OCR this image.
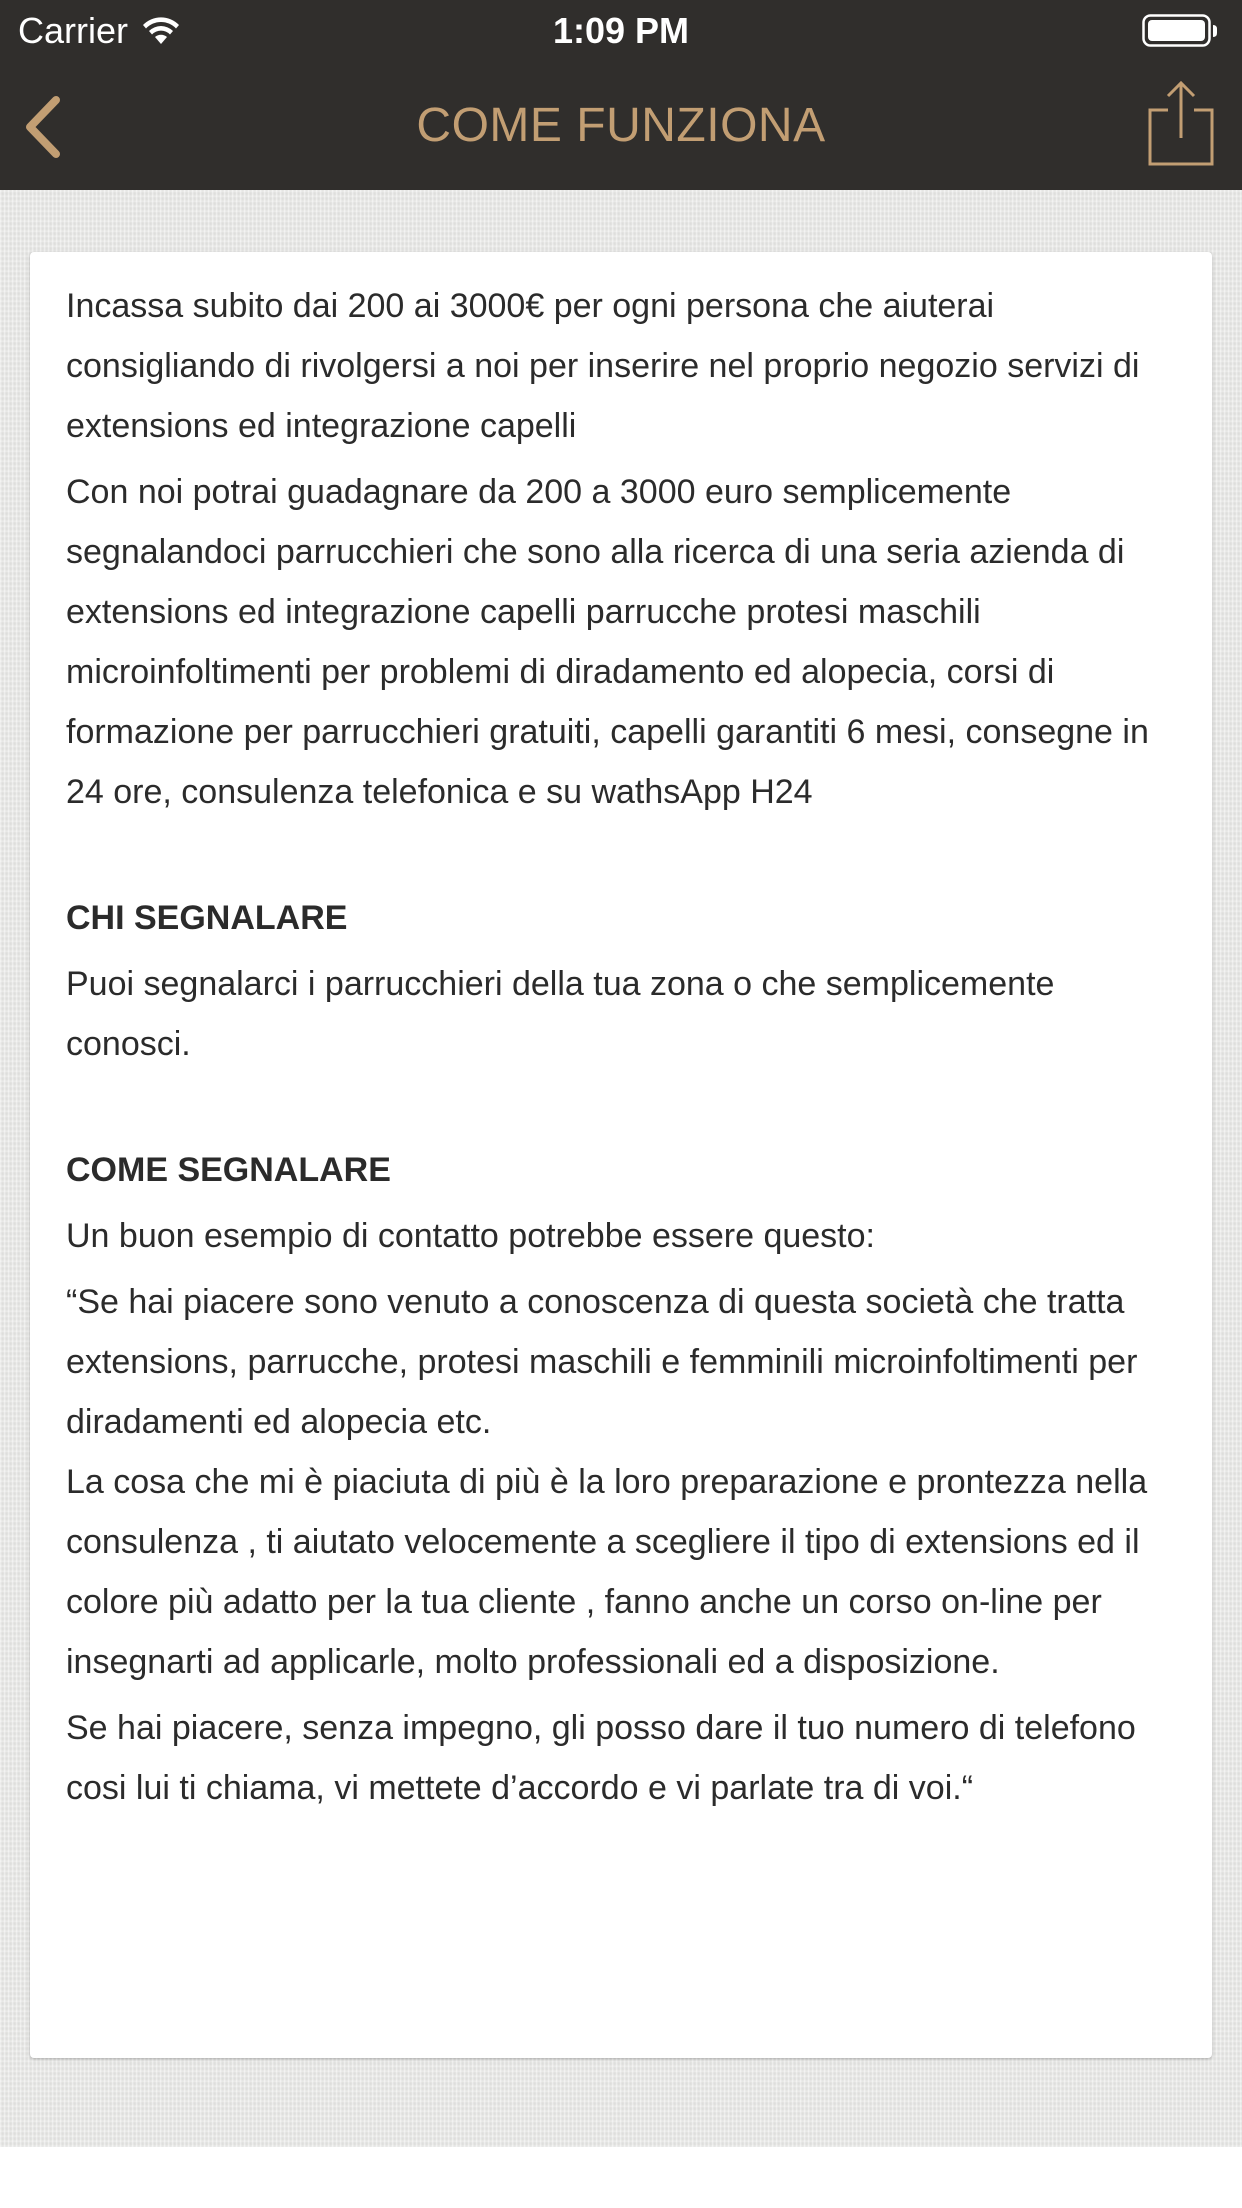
Carrier	1:09 PM
COME FUNZIONA

Incassa subito dai 200 ai 3000€ per ogni persona che aiuterai consigliando di rivolgersi a noi per inserire nel proprio negozio servizi di extensions ed integrazione capelli

Con noi potrai guadagnare da 200 a 3000 euro semplicemente segnalandoci parrucchieri che sono alla ricerca di una seria azienda di extensions ed integrazione capelli parrucche protesi maschili microinfoltimenti per problemi di diradamento ed alopecia, corsi di formazione per parrucchieri gratuiti, capelli garantiti 6 mesi, consegne in 24 ore, consulenza telefonica e su wathsApp H24

CHI SEGNALARE

Puoi segnalarci i parrucchieri della tua zona o che semplicemente conosci.

COME SEGNALARE

Un buon esempio di contatto potrebbe essere questo:

“Se hai piacere sono venuto a conoscenza di questa società che tratta extensions, parrucche, protesi maschili e femminili microinfoltimenti per diradamenti ed alopecia etc.

La cosa che mi è piaciuta di più è la loro preparazione e prontezza nella consulenza , ti aiutato velocemente a scegliere il tipo di extensions ed il colore più adatto per la tua cliente , fanno anche un corso on-line per insegnarti ad applicarle, molto professionali ed a disposizione.

Se hai piacere, senza impegno, gli posso dare il tuo numero di telefono cosi lui ti chiama, vi mettete d’accordo e vi parlate tra di voi.“
